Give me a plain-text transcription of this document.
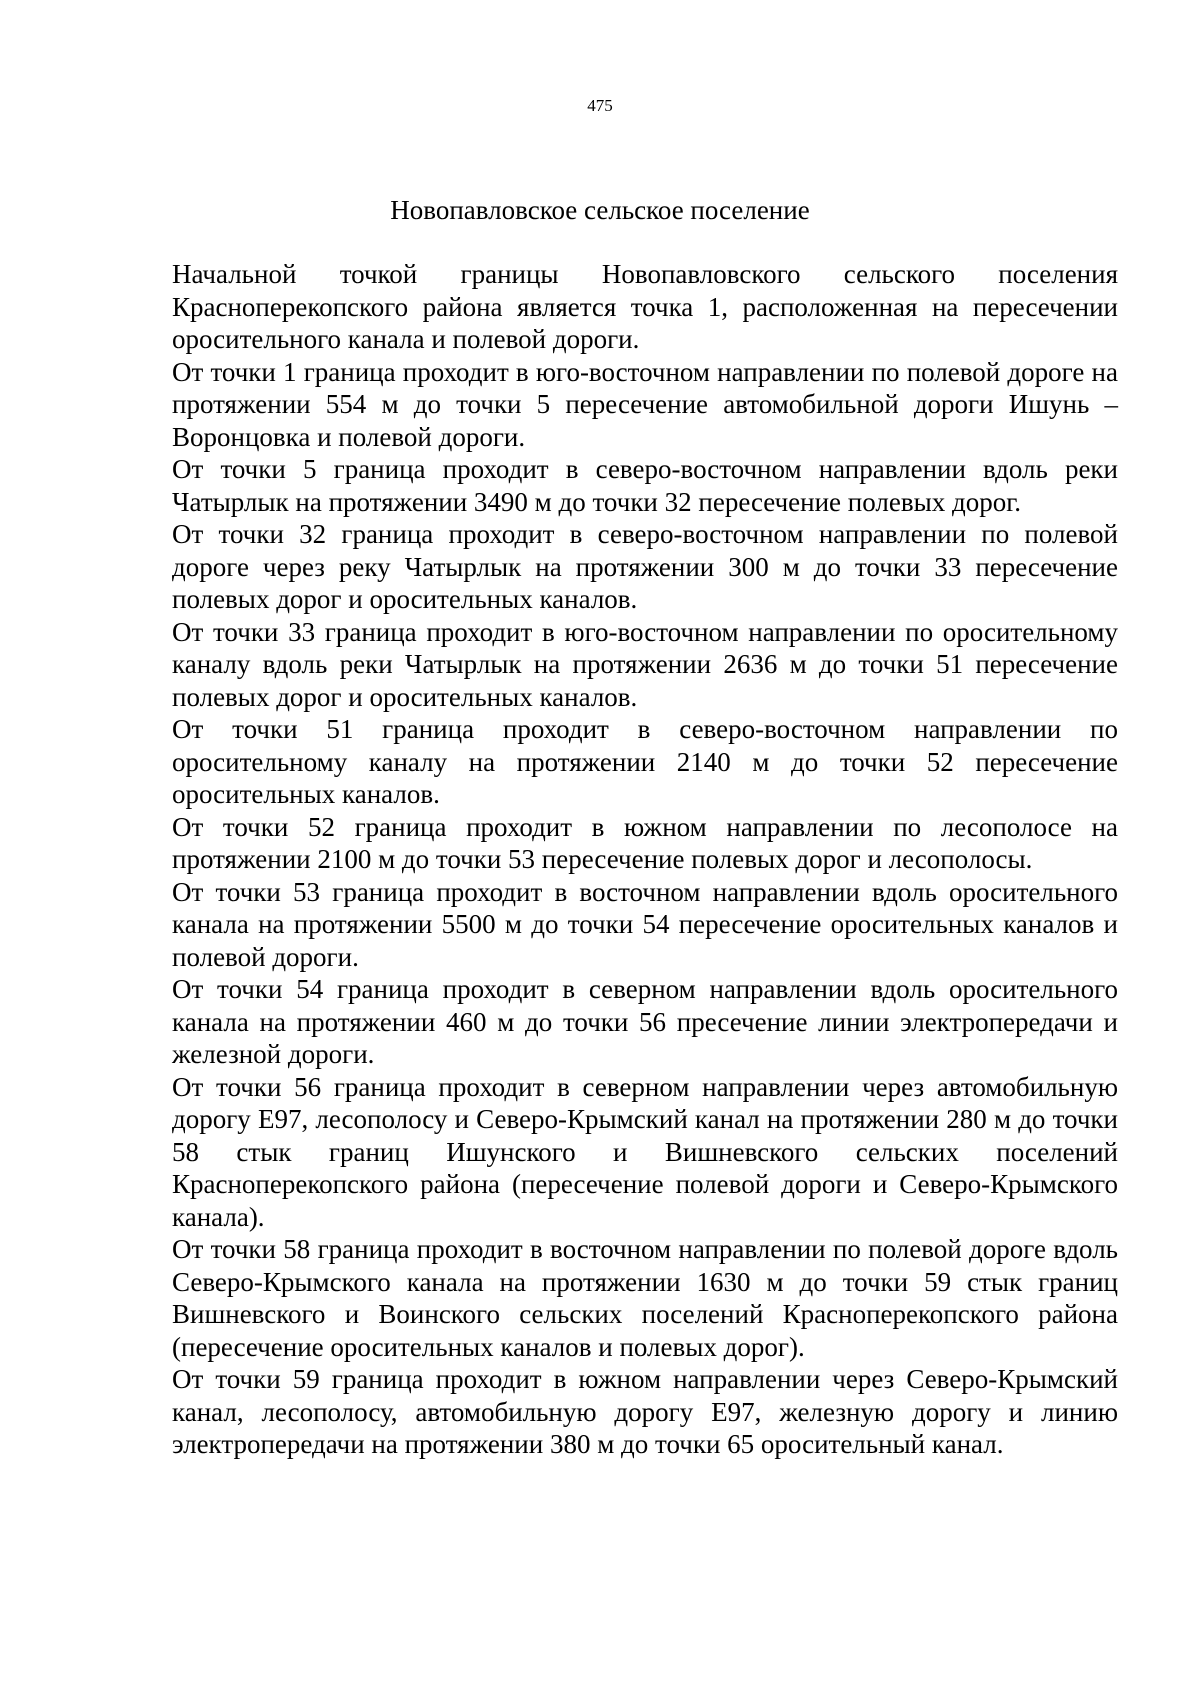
475
Новопавловское сельское поселение

Начальной точкой границы Новопавловского сельского поселения Красноперекопского района является точка 1, расположенная на пересечении оросительного канала и полевой дороги.

От точки 1 граница проходит в юго-восточном направлении по полевой дороге на протяжении 554 м до точки 5 пересечение автомобильной дороги Ишунь – Воронцовка и полевой дороги.

От точки 5 граница проходит в северо-восточном направлении вдоль реки Чатырлык на протяжении 3490 м до точки 32 пересечение полевых дорог.

От точки 32 граница проходит в северо-восточном направлении по полевой дороге через реку Чатырлык на протяжении 300 м до точки 33 пересечение полевых дорог и оросительных каналов.

От точки 33 граница проходит в юго-восточном направлении по оросительному каналу вдоль реки Чатырлык на протяжении 2636 м до точки 51 пересечение полевых дорог и оросительных каналов.

От точки 51 граница проходит в северо-восточном направлении по оросительному каналу на протяжении 2140 м до точки 52 пересечение оросительных каналов.

От точки 52 граница проходит в южном направлении по лесополосе на протяжении 2100 м до точки 53 пересечение полевых дорог и лесополосы.

От точки 53 граница проходит в восточном направлении вдоль оросительного канала на протяжении 5500 м до точки 54 пересечение оросительных каналов и полевой дороги.

От точки 54 граница проходит в северном направлении вдоль оросительного канала на протяжении 460 м до точки 56 пресечение линии электропередачи и железной дороги.

От точки 56 граница проходит в северном направлении через автомобильную дорогу Е97, лесополосу и Северо-Крымский канал на протяжении 280 м до точки 58 стык границ Ишунского и Вишневского сельских поселений Красноперекопского района (пересечение полевой дороги и Северо-Крымского канала).

От точки 58 граница проходит в восточном направлении по полевой дороге вдоль Северо-Крымского канала на протяжении 1630 м до точки 59 стык границ Вишневского и Воинского сельских поселений Красноперекопского района (пересечение оросительных каналов и полевых дорог).

От точки 59 граница проходит в южном направлении через Северо-Крымский канал, лесополосу, автомобильную дорогу Е97, железную дорогу и линию электропередачи на протяжении 380 м до точки 65 оросительный канал.
